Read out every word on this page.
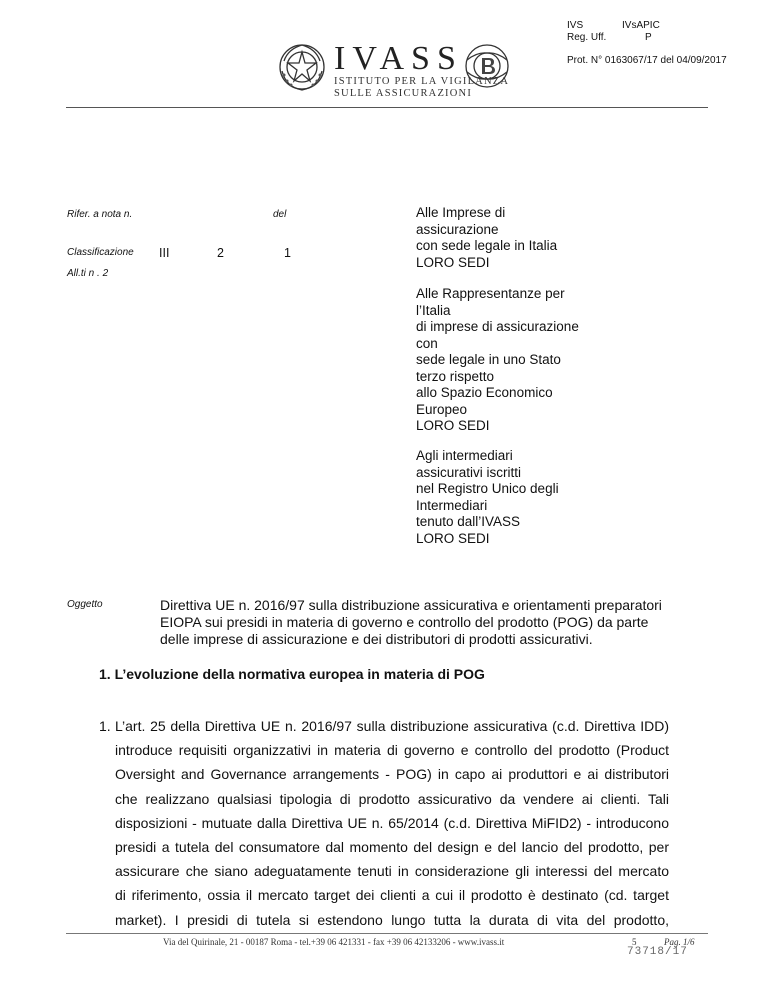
IVS	IVsAPIC
Reg. Uff.	P
Prot. N° 0163067/17 del 04/09/2017
IVASS
ISTITUTO PER LA VIGILANZA
SULLE ASSICURAZIONI
Rifer. a nota n.	del
Classificazione III	2	1
All.ti n . 2

Alle Imprese di

assicurazione

con sede legale in Italia

LORO SEDI

Alle Rappresentanze per

l’Italia

di imprese di assicurazione

con

sede legale in uno Stato

terzo rispetto

allo Spazio Economico

Europeo

LORO SEDI

Agli intermediari

assicurativi iscritti

nel Registro Unico degli

Intermediari

tenuto dall’IVASS

LORO SEDI

Oggetto	Direttiva UE n. 2016/97 sulla distribuzione assicurativa e orientamenti preparatori
EIOPA sui presidi in materia di governo e controllo del prodotto (POG) da parte
delle imprese di assicurazione e dei distributori di prodotti assicurativi.
1. L’evoluzione della normativa europea in materia di POG
1. L’art. 25 della Direttiva UE n. 2016/97 sulla distribuzione assicurativa (c.d. Direttiva IDD)
introduce requisiti organizzativi in materia di governo e controllo del prodotto (Product
Oversight and Governance arrangements - POG) in capo ai produttori e ai distributori
che realizzano qualsiasi tipologia di prodotto assicurativo da vendere ai clienti. Tali
disposizioni - mutuate dalla Direttiva UE n. 65/2014 (c.d. Direttiva MiFID2) - introducono
presidi a tutela del consumatore dal momento del design e del lancio del prodotto, per
assicurare che siano adeguatamente tenuti in considerazione gli interessi del mercato
di riferimento, ossia il mercato target dei clienti a cui il prodotto è destinato (cd. target
market). I presidi di tutela si estendono lungo tutta la durata di vita del prodotto,
Via del Quirinale, 21 - 00187 Roma - tel.+39 06 421331 - fax +39 06 42133206 - www.ivass.it	5	Pag. 1/6
73718/17
